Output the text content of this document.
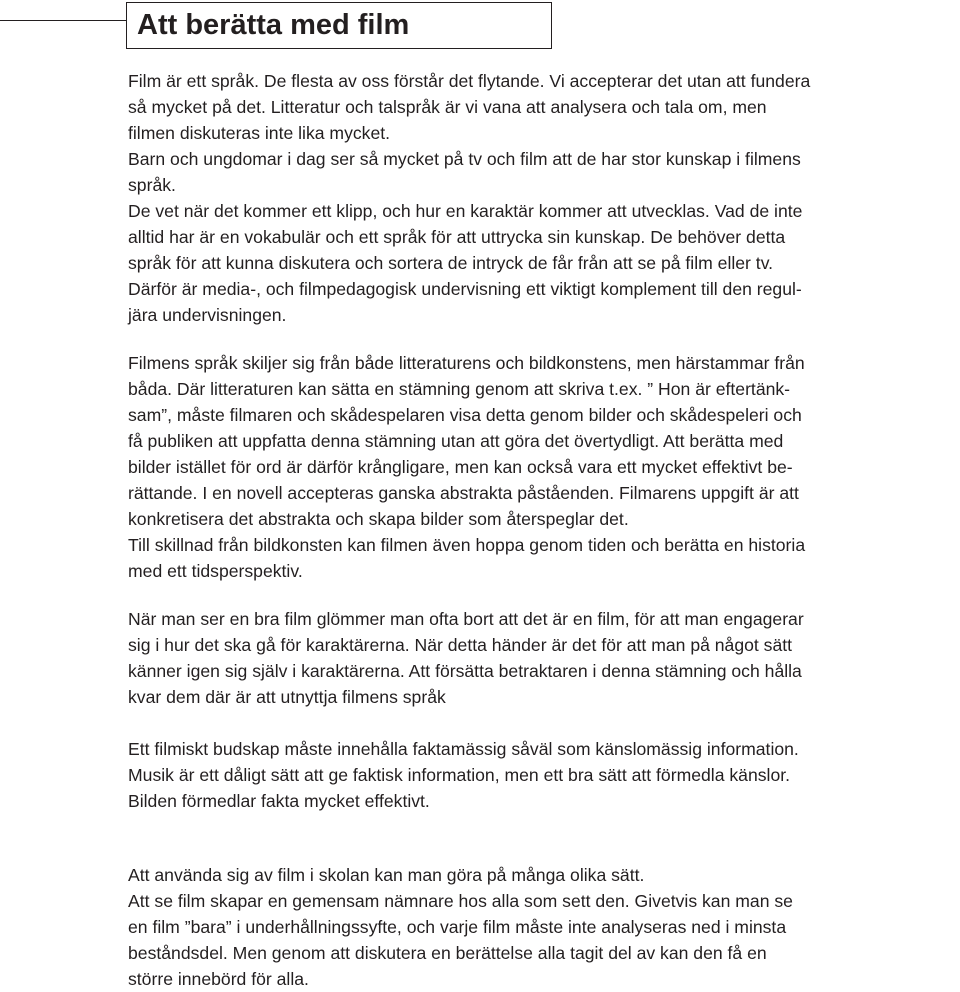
Att berätta med film
Film är ett språk. De flesta av oss förstår det flytande. Vi accepterar det utan att fundera
så mycket på det. Litteratur och talspråk är vi vana att analysera och tala om, men
filmen diskuteras inte lika mycket.
Barn och ungdomar i dag ser så mycket på tv och film att de har stor kunskap i filmens
språk.
De vet när det kommer ett klipp, och hur en karaktär kommer att utvecklas. Vad de inte
alltid har är en vokabulär och ett språk för att uttrycka sin kunskap. De behöver detta
språk för att kunna diskutera och sortera de intryck de får från att se på film eller tv.
Därför är media-, och filmpedagogisk undervisning ett viktigt komplement till den regul-
jära undervisningen.
Filmens språk skiljer sig från både litteraturens och bildkonstens, men härstammar från
båda. Där litteraturen kan sätta en stämning genom att skriva t.ex. ” Hon är eftertänk-
sam”, måste filmaren och skådespelaren visa detta genom bilder och skådespeleri och
få publiken att uppfatta denna stämning utan att göra det övertydligt. Att berätta med
bilder istället för ord är därför krångligare, men kan också vara ett mycket effektivt be-
rättande. I en novell accepteras ganska abstrakta påståenden. Filmarens uppgift är att
konkretisera det abstrakta och skapa bilder som återspeglar det.
Till skillnad från bildkonsten kan filmen även hoppa genom tiden och berätta en historia
med ett tidsperspektiv.
När man ser en bra film glömmer man ofta bort att det är en film, för att man engagerar
sig i hur det ska gå för karaktärerna. När detta händer är det för att man på något sätt
känner igen sig själv i karaktärerna. Att försätta betraktaren i denna stämning och hålla
kvar dem där är att utnyttja filmens språk
Ett filmiskt budskap måste innehålla faktamässig såväl som känslomässig information.
Musik är ett dåligt sätt att ge faktisk information, men ett bra sätt att förmedla känslor.
Bilden förmedlar fakta mycket effektivt.
Att använda sig av film i skolan kan man göra på många olika sätt.
Att se film skapar en gemensam nämnare hos alla som sett den. Givetvis kan man se
en film ”bara” i underhållningssyfte, och varje film måste inte analyseras ned i minsta
beståndsdel. Men genom att diskutera en berättelse alla tagit del av kan den få en
större innebörd för alla.
